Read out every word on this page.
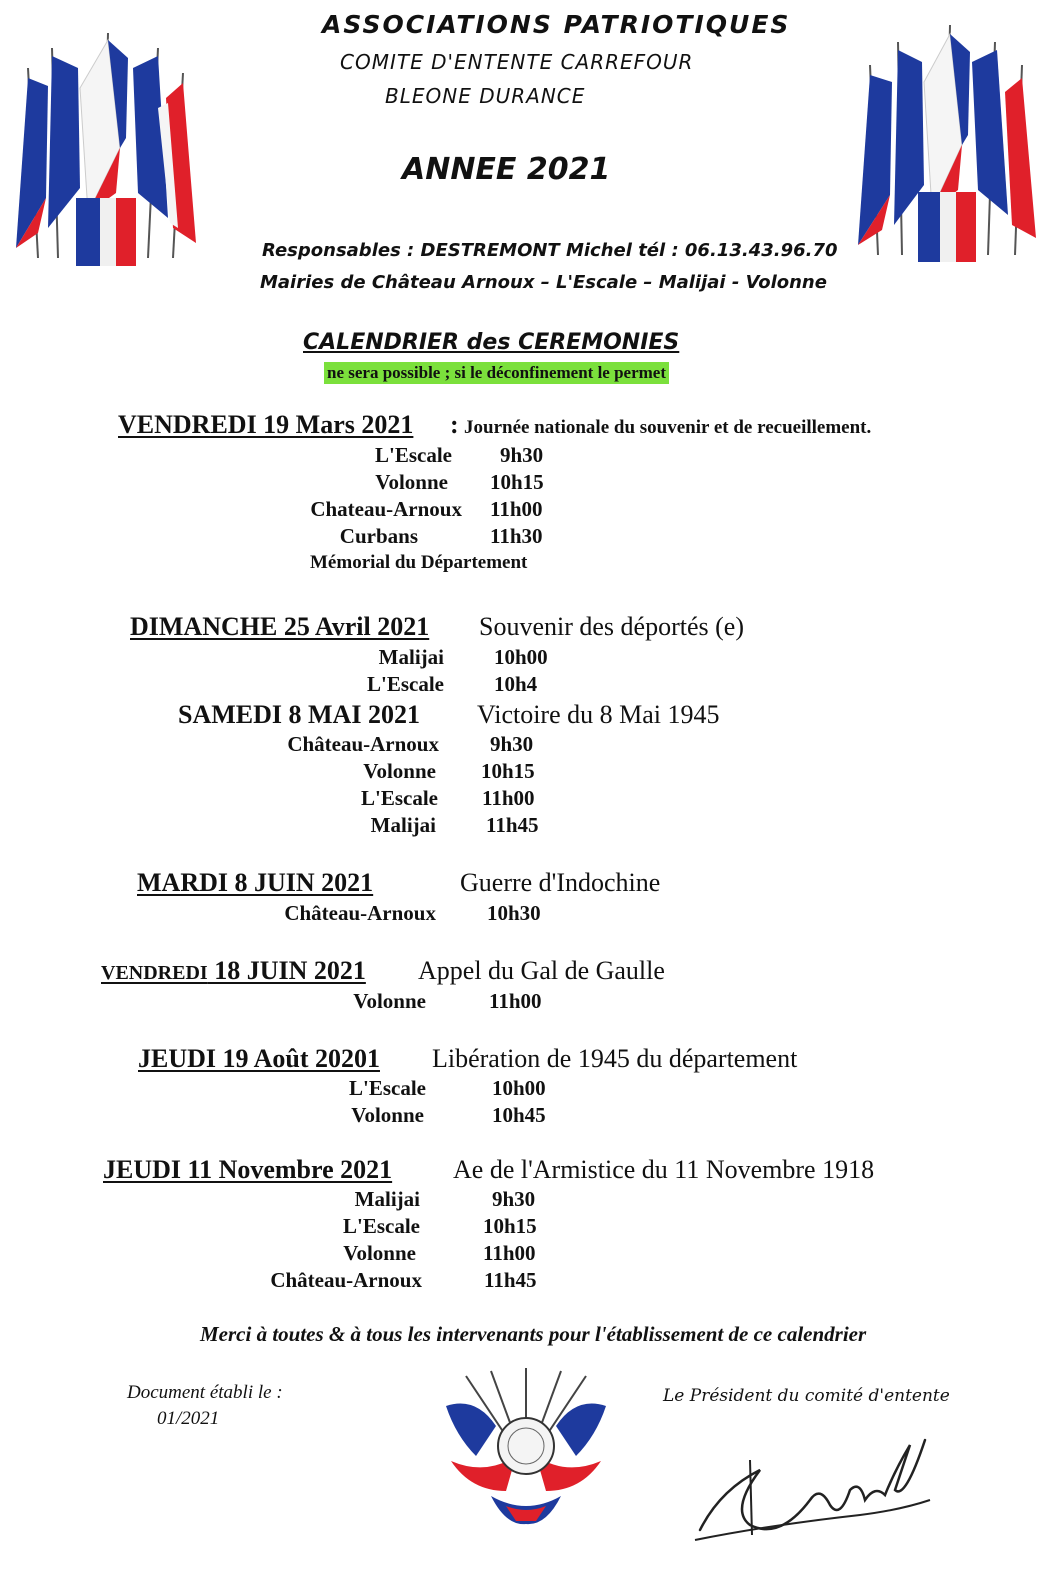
ASSOCIATIONS PATRIOTIQUES
COMITE D'ENTENTE CARREFOUR
BLEONE DURANCE
ANNEE 2021
Responsables : DESTREMONT Michel tél : 06.13.43.96.70
Mairies de Château Arnoux – L'Escale – Malijai - Volonne
CALENDRIER des CEREMONIES
ne sera possible ; si le déconfinement le permet
VENDREDI 19 Mars 2021 : Journée nationale du souvenir et de recueillement.
L'Escale 9h30
Volonne 10h15
Chateau-Arnoux 11h00
Curbans	11h30
Mémorial du Département
DIMANCHE 25 Avril 2021 Souvenir des déportés (e)
Malijai 10h00
L'Escale 10h4
SAMEDI 8 MAI 2021 Victoire du 8 Mai 1945
Château-Arnoux 9h30
Volonne 10h15
L'Escale 11h00
Malijai 11h45
MARDI 8 JUIN 2021	Guerre d'Indochine
Château-Arnoux 10h30
VENDREDI 18 JUIN 2021 Appel du Gal de Gaulle
Volonne	11h00
JEUDI 19 Août 20201 Libération de 1945 du département
L'Escale	10h00
Volonne	10h45
JEUDI 11 Novembre 2021 Ae de l'Armistice du 11 Novembre 1918
Malijai	9h30
L'Escale	10h15
Volonne	11h00
Château-Arnoux	11h45
Merci à toutes & à tous les intervenants pour l'établissement de ce calendrier
Document établi le :
01/2021
Le Président du comité d'entente
